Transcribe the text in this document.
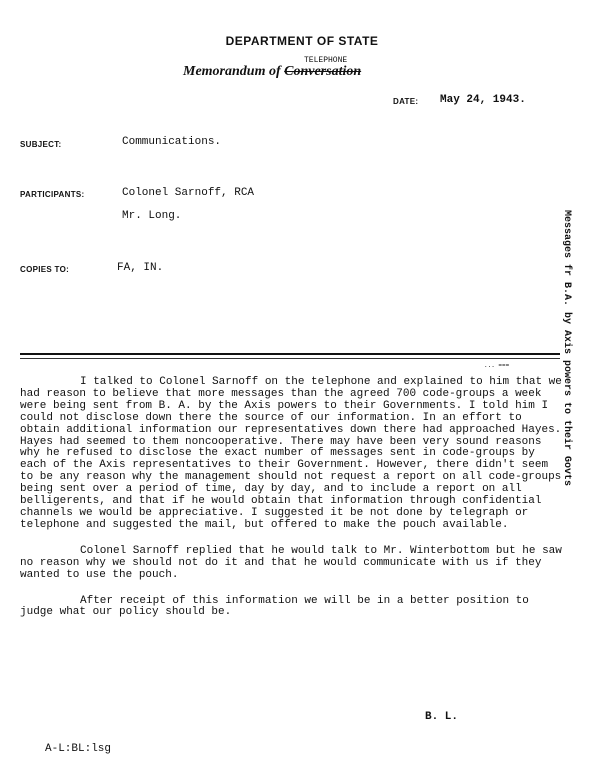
DEPARTMENT OF STATE
Memorandum of Conversation
TELEPHONE
DATE: May 24, 1943.
SUBJECT:	Communications.
PARTICIPANTS:	Colonel Sarnoff, RCA
Mr. Long.
COPIES TO:	FA, IN.
... ===

I talked to Colonel Sarnoff on the telephone and explained to him that we had reason to believe that more messages than the agreed 700 code-groups a week were being sent from B. A. by the Axis powers to their Governments. I told him I could not disclose down there the source of our information. In an effort to obtain additional information our representatives down there had approached Hayes. Hayes had seemed to them noncooperative. There may have been very sound reasons why he refused to disclose the exact number of messages sent in code-groups by each of the Axis representatives to their Government. However, there didn't seem to be any reason why the management should not request a report on all code-groups being sent over a period of time, day by day, and to include a report on all belligerents, and that if he would obtain that information through confidential channels we would be appreciative. I suggested it be not done by telegraph or telephone and suggested the mail, but offered to make the pouch available.

Colonel Sarnoff replied that he would talk to Mr. Winterbottom but he saw no reason why we should not do it and that he would communicate with us if they wanted to use the pouch.

After receipt of this information we will be in a better position to judge what our policy should be.

B. L.
A-L:BL:lsg
Messages fr B.A. by Axis powers to their Govts
